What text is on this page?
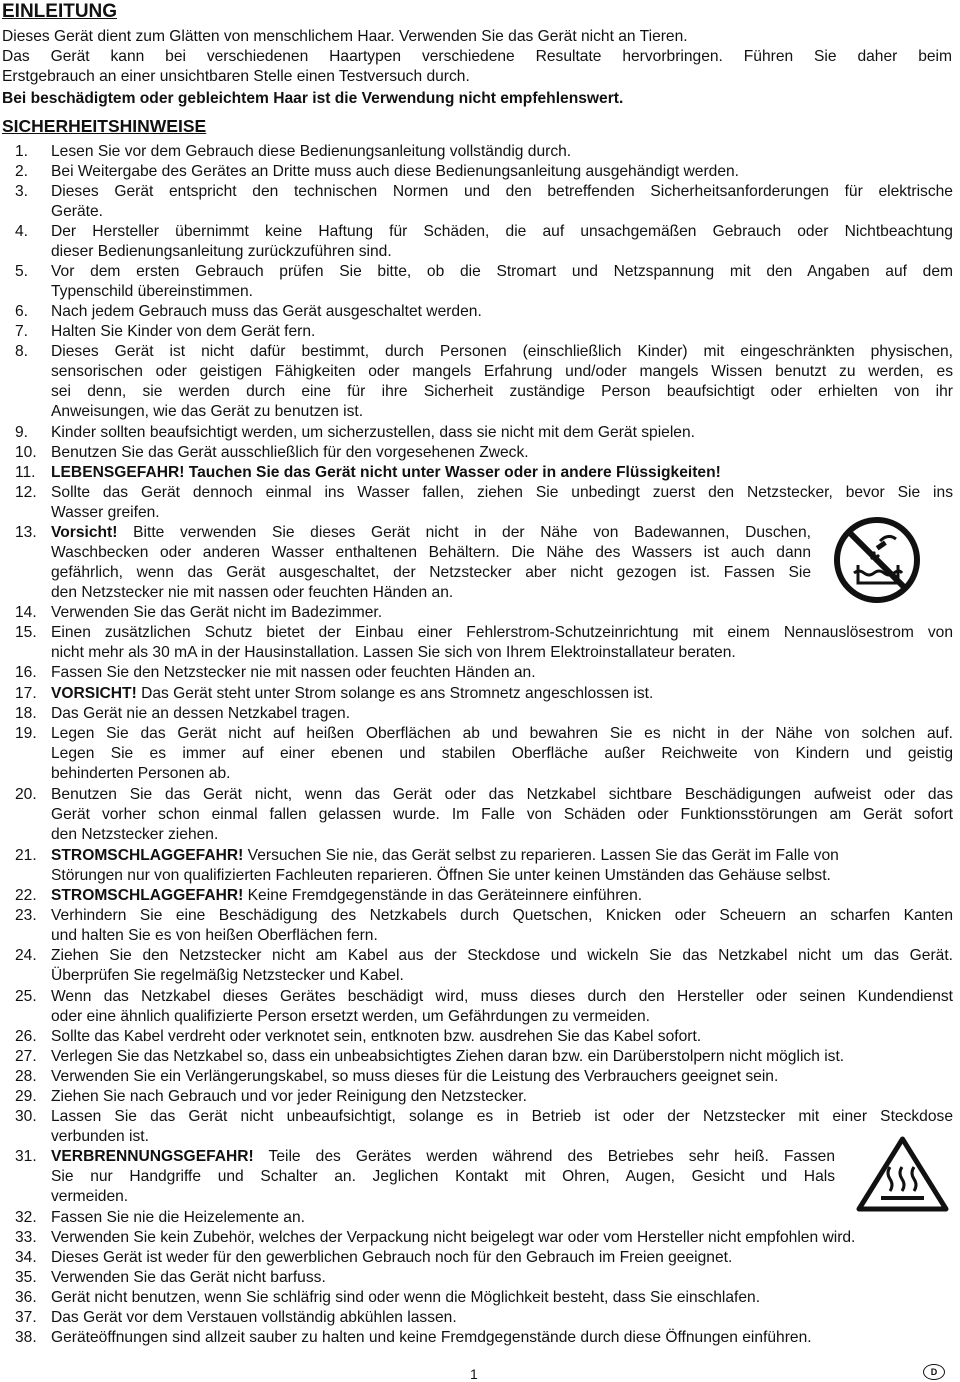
EINLEITUNG
Dieses Gerät dient zum Glätten von menschlichem Haar. Verwenden Sie das Gerät nicht an Tieren.
Das Gerät kann bei verschiedenen Haartypen verschiedene Resultate hervorbringen. Führen Sie daher beim
Erstgebrauch an einer unsichtbaren Stelle einen Testversuch durch.
Bei beschädigtem oder gebleichtem Haar ist die Verwendung nicht empfehlenswert.
SICHERHEITSHINWEISE
1. Lesen Sie vor dem Gebrauch diese Bedienungsanleitung vollständig durch.
2. Bei Weitergabe des Gerätes an Dritte muss auch diese Bedienungsanleitung ausgehändigt werden.
3. Dieses Gerät entspricht den technischen Normen und den betreffenden Sicherheitsanforderungen für elektrische
Geräte.
4. Der Hersteller übernimmt keine Haftung für Schäden, die auf unsachgemäßen Gebrauch oder Nichtbeachtung
dieser Bedienungsanleitung zurückzuführen sind.
5. Vor dem ersten Gebrauch prüfen Sie bitte, ob die Stromart und Netzspannung mit den Angaben auf dem
Typenschild übereinstimmen.
6. Nach jedem Gebrauch muss das Gerät ausgeschaltet werden.
7. Halten Sie Kinder von dem Gerät fern.
8. Dieses Gerät ist nicht dafür bestimmt, durch Personen (einschließlich Kinder) mit eingeschränkten physischen,
sensorischen oder geistigen Fähigkeiten oder mangels Erfahrung und/oder mangels Wissen benutzt zu werden, es
sei denn, sie werden durch eine für ihre Sicherheit zuständige Person beaufsichtigt oder erhielten von ihr
Anweisungen, wie das Gerät zu benutzen ist.
9. Kinder sollten beaufsichtigt werden, um sicherzustellen, dass sie nicht mit dem Gerät spielen.
10. Benutzen Sie das Gerät ausschließlich für den vorgesehenen Zweck.
11. LEBENSGEFAHR! Tauchen Sie das Gerät nicht unter Wasser oder in andere Flüssigkeiten!
12. Sollte das Gerät dennoch einmal ins Wasser fallen, ziehen Sie unbedingt zuerst den Netzstecker, bevor Sie ins
Wasser greifen.
13. Vorsicht! Bitte verwenden Sie dieses Gerät nicht in der Nähe von Badewannen, Duschen,
Waschbecken oder anderen Wasser enthaltenen Behältern. Die Nähe des Wassers ist auch dann
gefährlich, wenn das Gerät ausgeschaltet, der Netzstecker aber nicht gezogen ist. Fassen Sie
den Netzstecker nie mit nassen oder feuchten Händen an.
14. Verwenden Sie das Gerät nicht im Badezimmer.
15. Einen zusätzlichen Schutz bietet der Einbau einer Fehlerstrom-Schutzeinrichtung mit einem Nennauslösestrom von
nicht mehr als 30 mA in der Hausinstallation. Lassen Sie sich von Ihrem Elektroinstallateur beraten.
16. Fassen Sie den Netzstecker nie mit nassen oder feuchten Händen an.
17. VORSICHT! Das Gerät steht unter Strom solange es ans Stromnetz angeschlossen ist.
18. Das Gerät nie an dessen Netzkabel tragen.
19. Legen Sie das Gerät nicht auf heißen Oberflächen ab und bewahren Sie es nicht in der Nähe von solchen auf.
Legen Sie es immer auf einer ebenen und stabilen Oberfläche außer Reichweite von Kindern und geistig
behinderten Personen ab.
20. Benutzen Sie das Gerät nicht, wenn das Gerät oder das Netzkabel sichtbare Beschädigungen aufweist oder das
Gerät vorher schon einmal fallen gelassen wurde. Im Falle von Schäden oder Funktionsstörungen am Gerät sofort
den Netzstecker ziehen.
21. STROMSCHLAGGEFAHR! Versuchen Sie nie, das Gerät selbst zu reparieren. Lassen Sie das Gerät im Falle von
Störungen nur von qualifizierten Fachleuten reparieren. Öffnen Sie unter keinen Umständen das Gehäuse selbst.
22. STROMSCHLAGGEFAHR! Keine Fremdgegenstände in das Geräteinnere einführen.
23. Verhindern Sie eine Beschädigung des Netzkabels durch Quetschen, Knicken oder Scheuern an scharfen Kanten
und halten Sie es von heißen Oberflächen fern.
24. Ziehen Sie den Netzstecker nicht am Kabel aus der Steckdose und wickeln Sie das Netzkabel nicht um das Gerät.
Überprüfen Sie regelmäßig Netzstecker und Kabel.
25. Wenn das Netzkabel dieses Gerätes beschädigt wird, muss dieses durch den Hersteller oder seinen Kundendienst
oder eine ähnlich qualifizierte Person ersetzt werden, um Gefährdungen zu vermeiden.
26. Sollte das Kabel verdreht oder verknotet sein, entknoten bzw. ausdrehen Sie das Kabel sofort.
27. Verlegen Sie das Netzkabel so, dass ein unbeabsichtigtes Ziehen daran bzw. ein Darüberstolpern nicht möglich ist.
28. Verwenden Sie ein Verlängerungskabel, so muss dieses für die Leistung des Verbrauchers geeignet sein.
29. Ziehen Sie nach Gebrauch und vor jeder Reinigung den Netzstecker.
30. Lassen Sie das Gerät nicht unbeaufsichtigt, solange es in Betrieb ist oder der Netzstecker mit einer Steckdose
verbunden ist.
31. VERBRENNUNGSGEFAHR! Teile des Gerätes werden während des Betriebes sehr heiß. Fassen
Sie nur Handgriffe und Schalter an. Jeglichen Kontakt mit Ohren, Augen, Gesicht und Hals
vermeiden.
32. Fassen Sie nie die Heizelemente an.
33. Verwenden Sie kein Zubehör, welches der Verpackung nicht beigelegt war oder vom Hersteller nicht empfohlen wird.
34. Dieses Gerät ist weder für den gewerblichen Gebrauch noch für den Gebrauch im Freien geeignet.
35. Verwenden Sie das Gerät nicht barfuss.
36. Gerät nicht benutzen, wenn Sie schläfrig sind oder wenn die Möglichkeit besteht, dass Sie einschlafen.
37. Das Gerät vor dem Verstauen vollständig abkühlen lassen.
38. Geräteöffnungen sind allzeit sauber zu halten und keine Fremdgegenstände durch diese Öffnungen einführen.
1	D
